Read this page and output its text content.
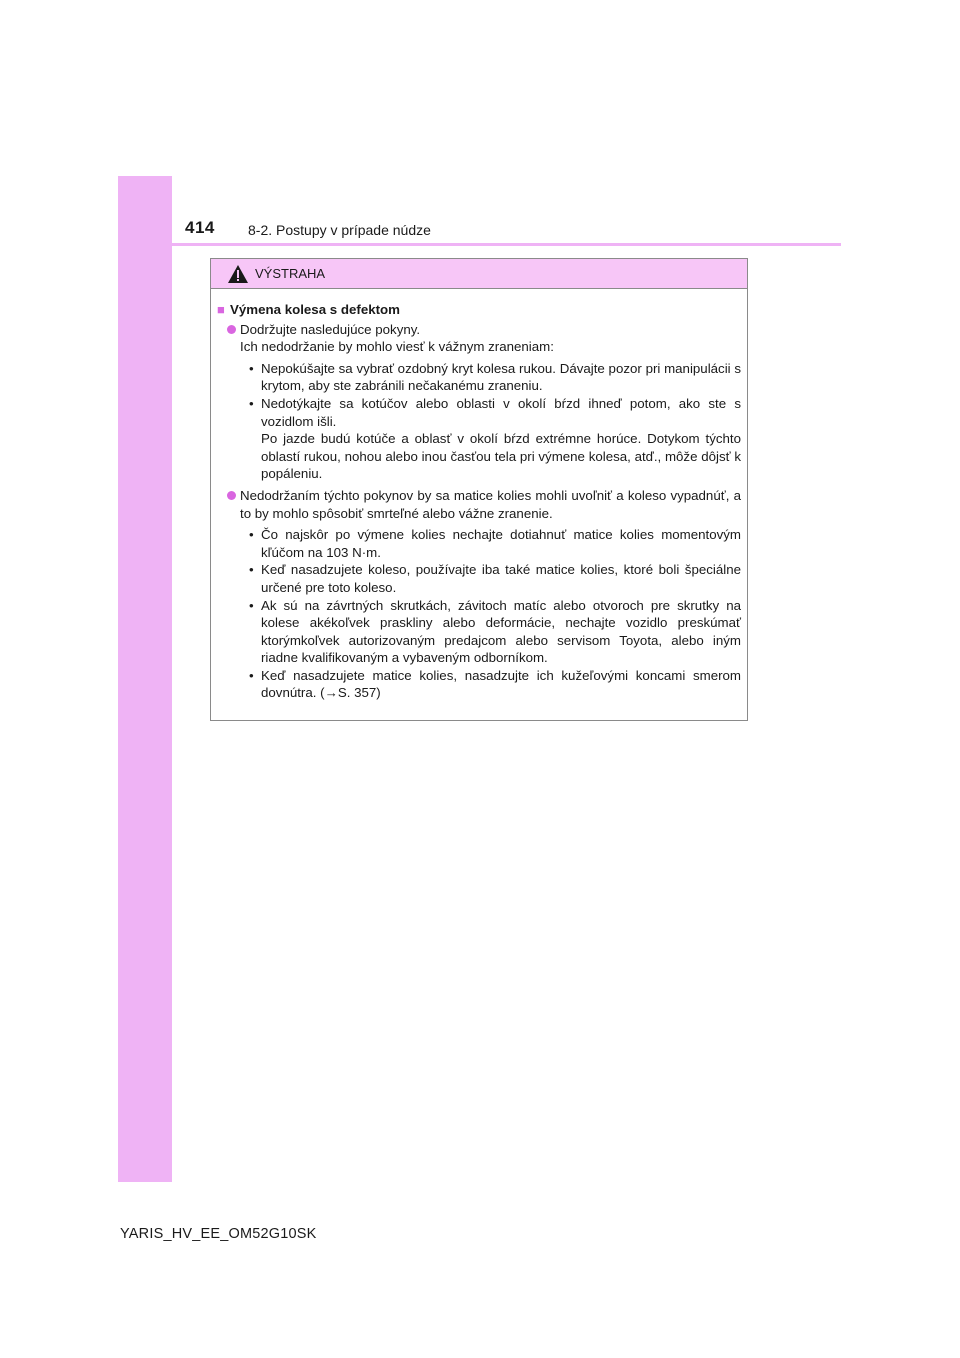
414 8-2. Postupy v prípade núdze
VÝSTRAHA
■ Výmena kolesa s defektom
Dodržujte nasledujúce pokyny.
Ich nedodržanie by mohlo viesť k vážnym zraneniam:
• Nepokúšajte sa vybrať ozdobný kryt kolesa rukou. Dávajte pozor pri manipulácii s krytom, aby ste zabránili nečakanému zraneniu.
• Nedotýkajte sa kotúčov alebo oblasti v okolí bŕzd ihneď potom, ako ste s vozidlom išli.
Po jazde budú kotúče a oblasť v okolí bŕzd extrémne horúce. Dotykom týchto oblastí rukou, nohou alebo inou časťou tela pri výmene kolesa, atď., môže dôjsť k popáleniu.
Nedodržaním týchto pokynov by sa matice kolies mohli uvoľniť a koleso vypadnúť, a to by mohlo spôsobiť smrteľné alebo vážne zranenie.
• Čo najskôr po výmene kolies nechajte dotiahnuť matice kolies momentovým kľúčom na 103 N·m.
• Keď nasadzujete koleso, používajte iba také matice kolies, ktoré boli špeciálne určené pre toto koleso.
• Ak sú na závrtných skrutkách, závitoch matíc alebo otvoroch pre skrutky na kolese akékoľvek praskliny alebo deformácie, nechajte vozidlo preskúmať ktorýmkoľvek autorizovaným predajcom alebo servisom Toyota, alebo iným riadne kvalifikovaným a vybaveným odborníkom.
• Keď nasadzujete matice kolies, nasadzujte ich kužeľovými koncami smerom dovnútra. (→S. 357)
YARIS_HV_EE_OM52G10SK
